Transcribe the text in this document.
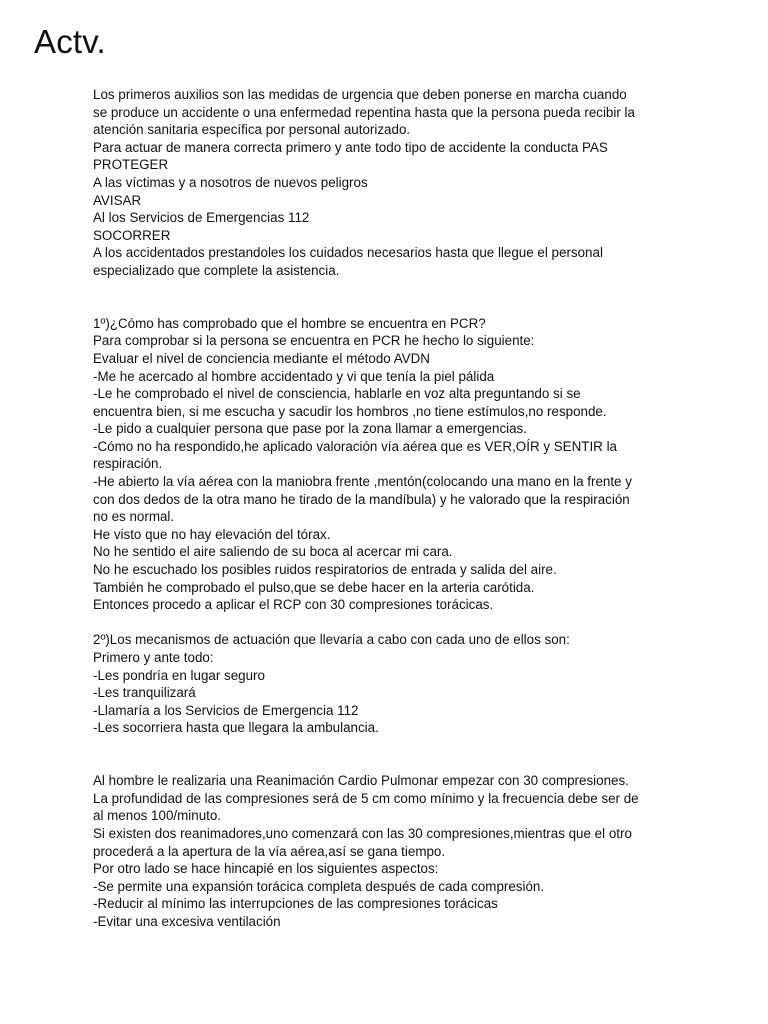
Actv.
Los primeros auxilios son las medidas de urgencia que deben ponerse en marcha cuando
se produce un accidente o una enfermedad repentina hasta que la persona pueda recibir la
atención sanitaria específica por personal autorizado.
Para actuar de manera correcta primero y ante todo tipo de accidente la conducta PAS
PROTEGER
A las víctimas y a nosotros de nuevos peligros
AVISAR
Al los Servicios de Emergencias 112
SOCORRER
A los accidentados prestandoles los cuidados necesarios hasta que llegue el personal
especializado que complete la asistencia.
1º)¿Cómo has comprobado que el hombre se encuentra en PCR?
Para comprobar si la persona se encuentra en PCR he hecho lo siguiente:
Evaluar el nivel de conciencia mediante el método AVDN
-Me he acercado al hombre accidentado y vi que tenía la piel pálida
-Le he comprobado el nivel de consciencia, hablarle en voz alta preguntando si se
encuentra bien, si me escucha y sacudir los hombros ,no tiene estímulos,no responde.
-Le pido a cualquier persona que pase por la zona llamar a emergencias.
-Cómo no ha respondido,he aplicado valoración vía aérea que es VER,OÍR y SENTIR la
respiración.
-He abierto la vía aérea con la maniobra frente ,mentón(colocando una mano en la frente y
con dos dedos de la otra mano he tirado de la mandíbula) y he valorado que la respiración
no es normal.
He visto que no hay elevación del tórax.
No he sentido el aire saliendo de su boca al acercar mi cara.
No he escuchado los posibles ruidos respiratorios de entrada y salida del aire.
También he comprobado el pulso,que se debe hacer en la arteria carótida.
Entonces procedo a aplicar el RCP con 30 compresiones torácicas.
2º)Los mecanismos de actuación que llevaría a cabo con cada uno de ellos son:
Primero y ante todo:
-Les pondría en lugar seguro
-Les tranquilizará
-Llamaría a los Servicios de Emergencia 112
-Les socorriera hasta que llegara la ambulancia.
Al hombre le realizaria una Reanimación Cardio Pulmonar empezar con 30 compresiones.
La profundidad de las compresiones será de 5 cm como mínimo y la frecuencia debe ser de
al menos 100/minuto.
Si existen dos reanimadores,uno comenzará con las 30 compresiones,mientras que el otro
procederá a la apertura de la vía aérea,así se gana tiempo.
Por otro lado se hace hincapié en los siguientes aspectos:
-Se permite una expansión torácica completa después de cada compresión.
-Reducir al mínimo las interrupciones de las compresiones torácicas
-Evitar una excesiva ventilación
